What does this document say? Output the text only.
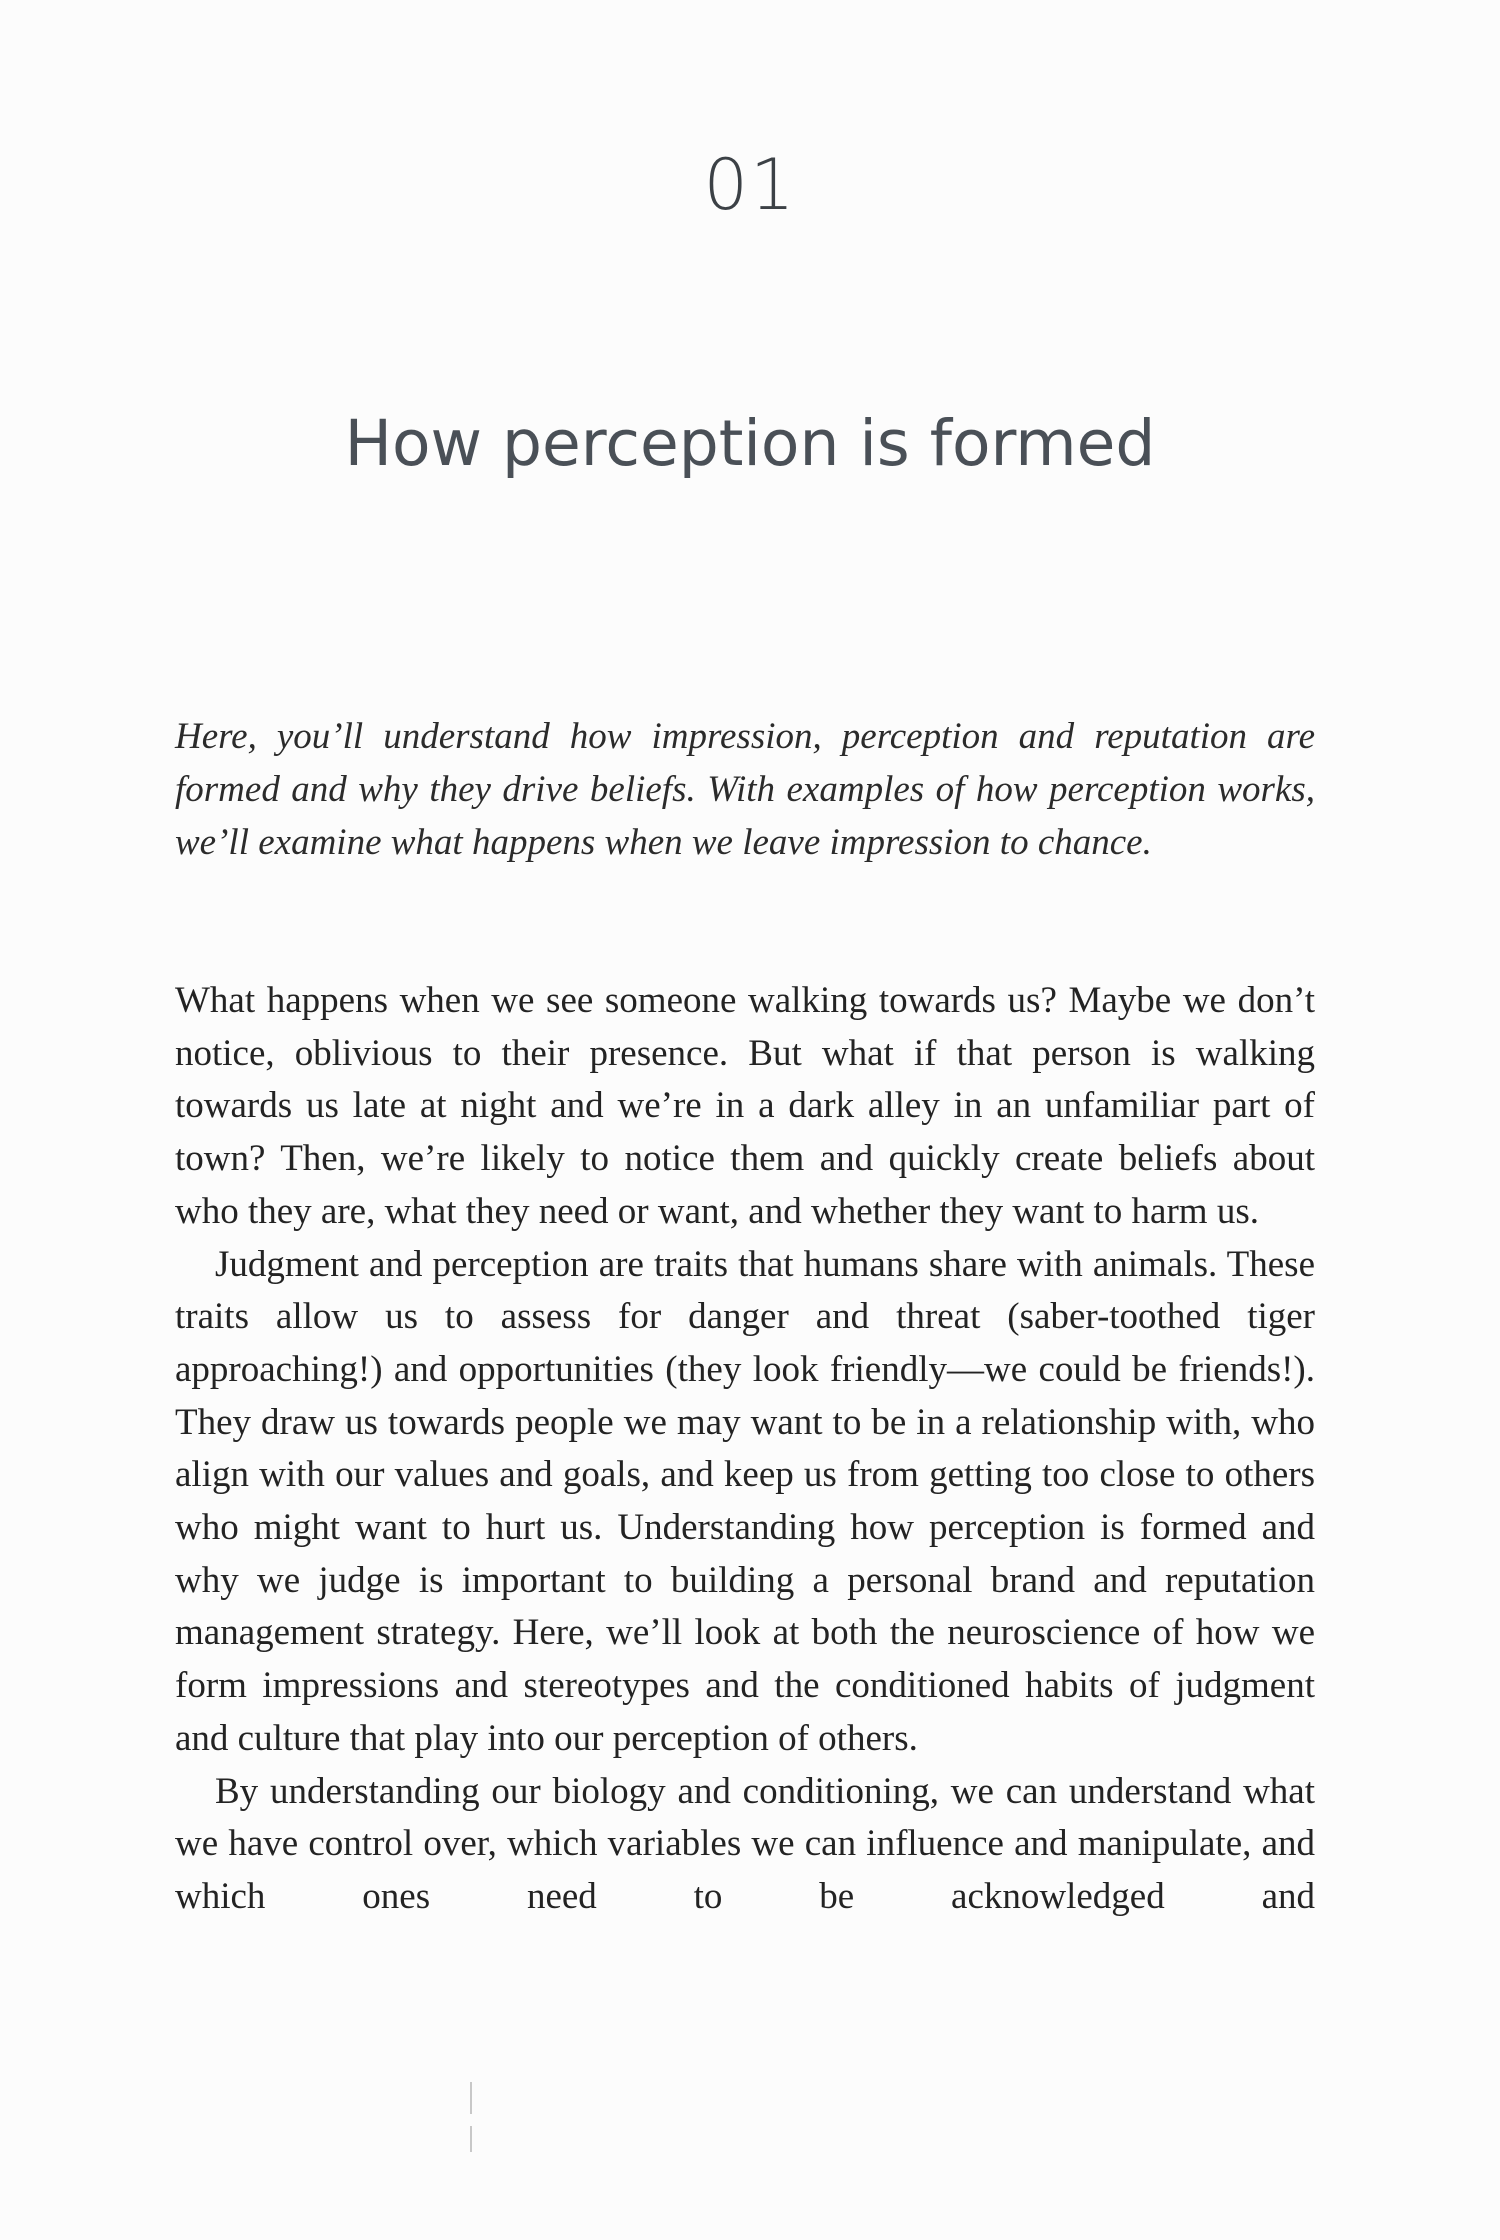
01
How perception is formed

Here, you’ll understand how impression, perception and reputation are formed and why they drive beliefs. With examples of how perception works, we’ll examine what happens when we leave impression to chance.

What happens when we see someone walking towards us? Maybe we don’t notice, oblivious to their presence. But what if that person is walking towards us late at night and we’re in a dark alley in an unfamiliar part of town? Then, we’re likely to notice them and quickly create beliefs about who they are, what they need or want, and whether they want to harm us.

Judgment and perception are traits that humans share with animals. These traits allow us to assess for danger and threat (saber-toothed tiger approaching!) and opportunities (they look friendly—we could be friends!). They draw us towards people we may want to be in a relationship with, who align with our values and goals, and keep us from getting too close to others who might want to hurt us. Understanding how perception is formed and why we judge is important to building a personal brand and reputation management strategy. Here, we’ll look at both the neuroscience of how we form impressions and stereotypes and the conditioned habits of judgment and culture that play into our perception of others.

By understanding our biology and conditioning, we can understand what we have control over, which variables we can influence and manipulate, and which ones need to be acknowledged and
